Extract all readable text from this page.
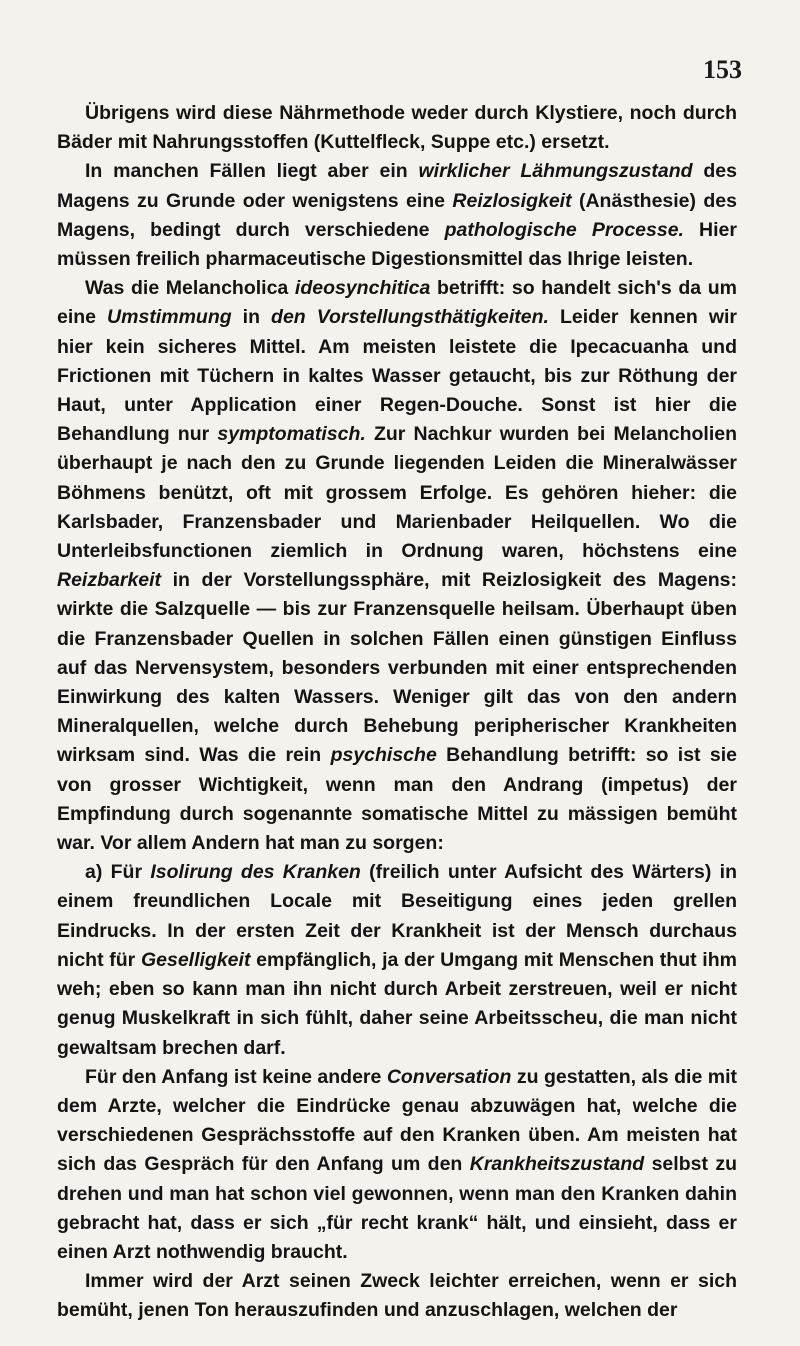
153

Übrigens wird diese Nährmethode weder durch Klystiere, noch durch Bäder mit Nahrungsstoffen (Kuttelfleck, Suppe etc.) ersetzt.

In manchen Fällen liegt aber ein wirklicher Lähmungszustand des Magens zu Grunde oder wenigstens eine Reizlosigkeit (Anästhesie) des Magens, bedingt durch verschiedene pathologische Processe. Hier müssen freilich pharmaceutische Digestionsmittel das Ihrige leisten.

Was die Melancholica ideosynchitica betrifft: so handelt sich's da um eine Umstimmung in den Vorstellungsthätigkeiten. Leider kennen wir hier kein sicheres Mittel. Am meisten leistete die Ipecacuanha und Frictionen mit Tüchern in kaltes Wasser getaucht, bis zur Röthung der Haut, unter Application einer Regen-Douche. Sonst ist hier die Behandlung nur symptomatisch. Zur Nachkur wurden bei Melancholien überhaupt je nach den zu Grunde liegenden Leiden die Mineralwässer Böhmens benützt, oft mit grossem Erfolge. Es gehören hieher: die Karlsbader, Franzensbader und Marienbader Heilquellen. Wo die Unterleibsfunctionen ziemlich in Ordnung waren, höchstens eine Reizbarkeit in der Vorstellungssphäre, mit Reizlosigkeit des Magens: wirkte die Salzquelle — bis zur Franzensquelle heilsam. Überhaupt üben die Franzensbader Quellen in solchen Fällen einen günstigen Einfluss auf das Nervensystem, besonders verbunden mit einer entsprechenden Einwirkung des kalten Wassers. Weniger gilt das von den andern Mineralquellen, welche durch Behebung peripherischer Krankheiten wirksam sind. Was die rein psychische Behandlung betrifft: so ist sie von grosser Wichtigkeit, wenn man den Andrang (impetus) der Empfindung durch sogenannte somatische Mittel zu mässigen bemüht war. Vor allem Andern hat man zu sorgen:

a) Für Isolirung des Kranken (freilich unter Aufsicht des Wärters) in einem freundlichen Locale mit Beseitigung eines jeden grellen Eindrucks. In der ersten Zeit der Krankheit ist der Mensch durchaus nicht für Geselligkeit empfänglich, ja der Umgang mit Menschen thut ihm weh; eben so kann man ihn nicht durch Arbeit zerstreuen, weil er nicht genug Muskelkraft in sich fühlt, daher seine Arbeitsscheu, die man nicht gewaltsam brechen darf.

Für den Anfang ist keine andere Conversation zu gestatten, als die mit dem Arzte, welcher die Eindrücke genau abzuwägen hat, welche die verschiedenen Gesprächsstoffe auf den Kranken üben. Am meisten hat sich das Gespräch für den Anfang um den Krankheitszustand selbst zu drehen und man hat schon viel gewonnen, wenn man den Kranken dahin gebracht hat, dass er sich „für recht krank“ hält, und einsieht, dass er einen Arzt nothwendig braucht.

Immer wird der Arzt seinen Zweck leichter erreichen, wenn er sich bemüht, jenen Ton herauszufinden und anzuschlagen, welchen der
